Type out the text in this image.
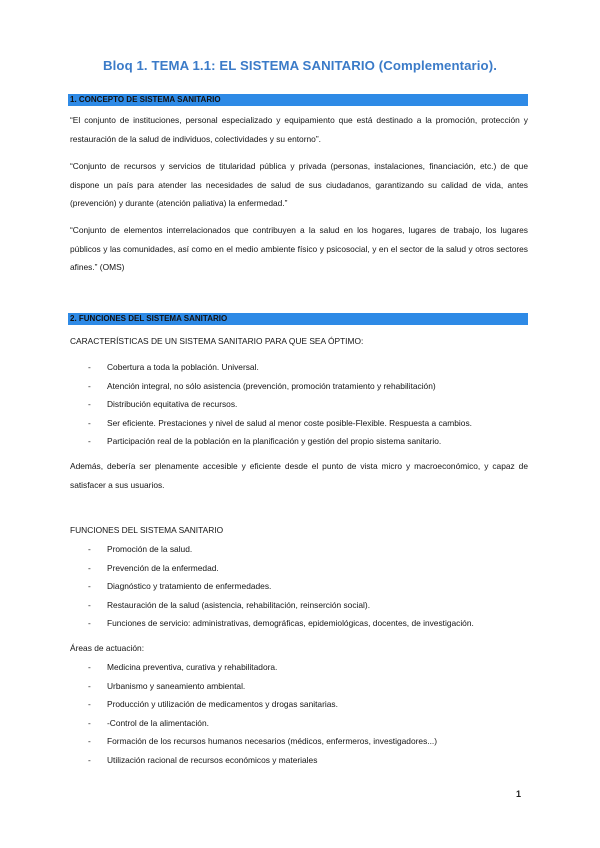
Bloq 1. TEMA 1.1: EL SISTEMA SANITARIO (Complementario).
1. CONCEPTO DE SISTEMA SANITARIO
“El conjunto de instituciones, personal especializado y equipamiento que está destinado a la promoción, protección y restauración de la salud de individuos, colectividades y su entorno”.
“Conjunto de recursos y servicios de titularidad pública y privada (personas, instalaciones, financiación, etc.) de que dispone un país para atender las necesidades de salud de sus ciudadanos, garantizando su calidad de vida, antes (prevención) y durante (atención paliativa) la enfermedad.”
“Conjunto de elementos interrelacionados que contribuyen a la salud en los hogares, lugares de trabajo, los lugares públicos y las comunidades, así como en el medio ambiente físico y psicosocial, y en el sector de la salud y otros sectores afines.” (OMS)
2. FUNCIONES DEL SISTEMA SANITARIO
CARACTERÍSTICAS DE UN SISTEMA SANITARIO PARA QUE SEA ÓPTIMO:
- Cobertura a toda la población. Universal.
- Atención integral, no sólo asistencia (prevención, promoción tratamiento y rehabilitación)
- Distribución equitativa de recursos.
- Ser eficiente. Prestaciones y nivel de salud al menor coste posible-Flexible. Respuesta a cambios.
- Participación real de la población en la planificación y gestión del propio sistema sanitario.
Además, debería ser plenamente accesible y eficiente desde el punto de vista micro y macroeconómico, y capaz de satisfacer a sus usuarios.
FUNCIONES DEL SISTEMA SANITARIO
- Promoción de la salud.
- Prevención de la enfermedad.
- Diagnóstico y tratamiento de enfermedades.
- Restauración de la salud (asistencia, rehabilitación, reinserción social).
- Funciones de servicio: administrativas, demográficas, epidemiológicas, docentes, de investigación.
Áreas de actuación:
- Medicina preventiva, curativa y rehabilitadora.
- Urbanismo y saneamiento ambiental.
- Producción y utilización de medicamentos y drogas sanitarias.
- -Control de la alimentación.
- Formación de los recursos humanos necesarios (médicos, enfermeros, investigadores...)
- Utilización racional de recursos económicos y materiales
1
